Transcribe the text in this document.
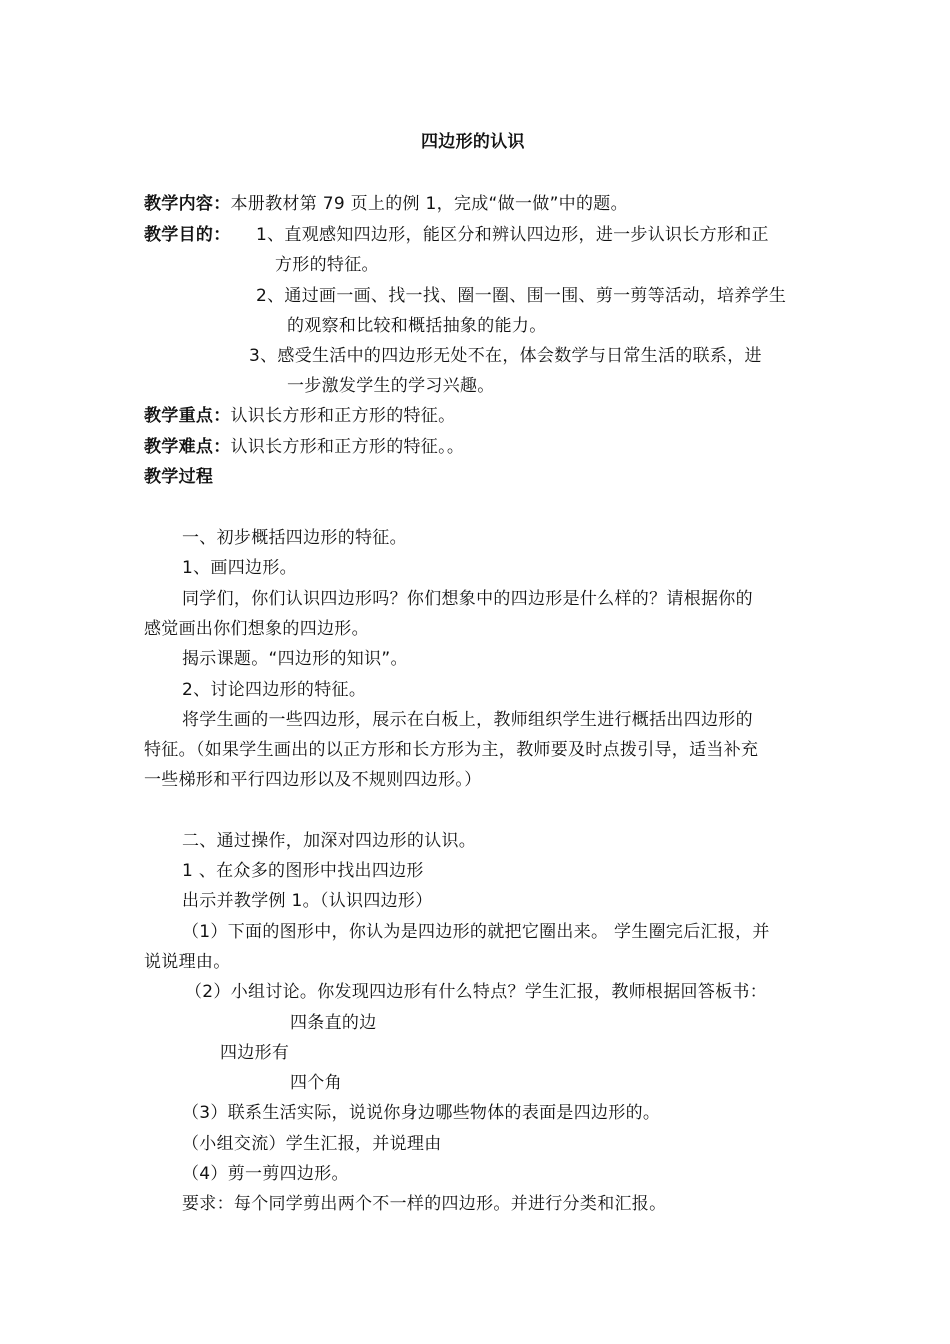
四边形的认识
教学内容：本册教材第 79 页上的例 1，完成“做一做”中的题。
教学目的： 1、直观感知四边形，能区分和辨认四边形，进一步认识长方形和正
方形的特征。
2、通过画一画、找一找、圈一圈、围一围、剪一剪等活动，培养学生
的观察和比较和概括抽象的能力。
3、感受生活中的四边形无处不在，体会数学与日常生活的联系，进
一步激发学生的学习兴趣。
教学重点：认识长方形和正方形的特征。
教学难点：认识长方形和正方形的特征。。
教学过程
一、初步概括四边形的特征。
1、画四边形。
同学们，你们认识四边形吗？你们想象中的四边形是什么样的？请根据你的
感觉画出你们想象的四边形。
揭示课题。“四边形的知识”。
2、讨论四边形的特征。
将学生画的一些四边形，展示在白板上，教师组织学生进行概括出四边形的
特征。（如果学生画出的以正方形和长方形为主，教师要及时点拨引导，适当补充
一些梯形和平行四边形以及不规则四边形。）
二、通过操作，加深对四边形的认识。
1 、在众多的图形中找出四边形
出示并教学例 1。（认识四边形）
（1）下面的图形中，你认为是四边形的就把它圈出来。 学生圈完后汇报，并
说说理由。
（2）小组讨论。你发现四边形有什么特点？学生汇报，教师根据回答板书：
四条直的边
四边形有
四个角
（3）联系生活实际，说说你身边哪些物体的表面是四边形的。
（小组交流）学生汇报，并说理由
（4）剪一剪四边形。
要求：每个同学剪出两个不一样的四边形。并进行分类和汇报。
